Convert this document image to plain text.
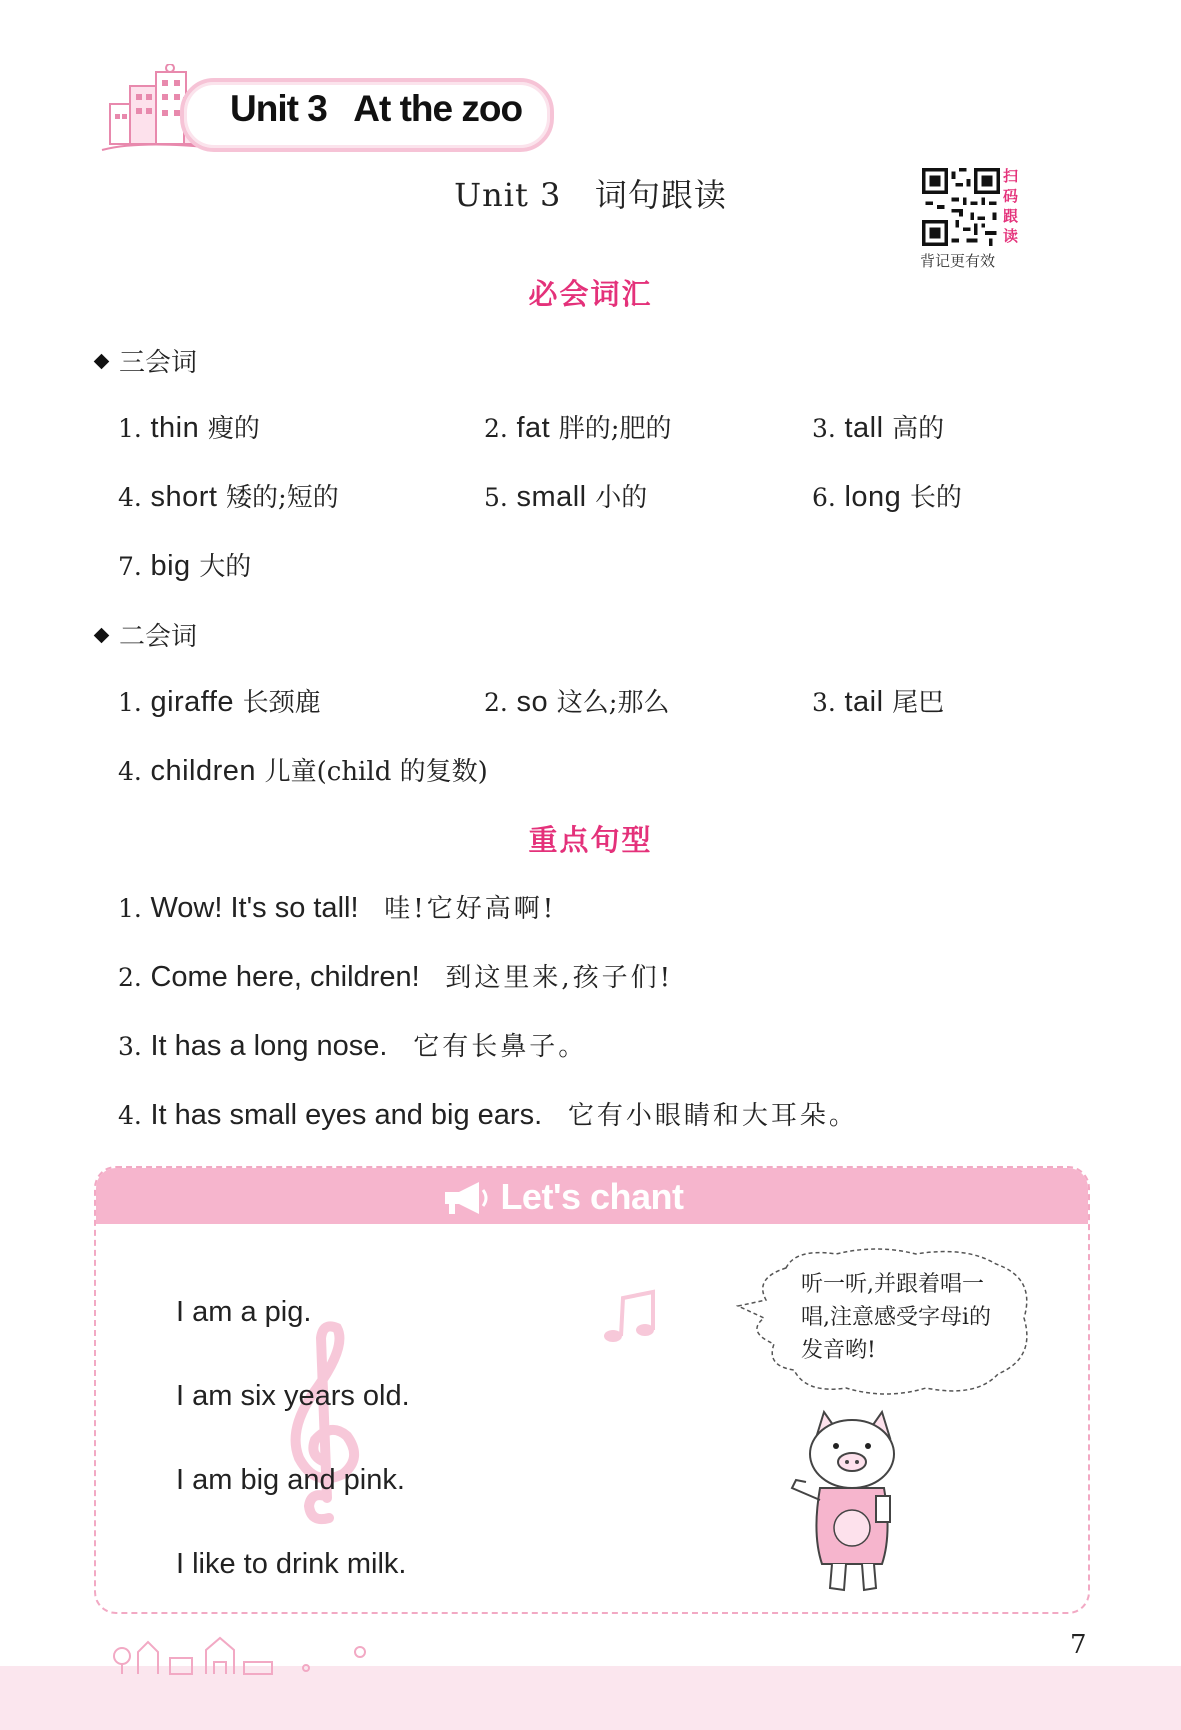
Unit 3   At the zoo
Unit 3   词句跟读	扫
码
跟
读
背记更有效
必会词汇
三会词
1. thin 瘦的	2. fat 胖的;肥的	3. tall 高的
4. short 矮的;短的	5. small 小的	6. long 长的
7. big 大的
二会词
1. giraffe 长颈鹿	2. so 这么;那么	3. tail 尾巴
4. children 儿童(child 的复数)
重点句型
1. Wow! It's so tall! 哇!它好高啊!
2. Come here, children! 到这里来,孩子们!
3. It has a long nose. 它有长鼻子。
4. It has small eyes and big ears. 它有小眼睛和大耳朵。
Let's chant
I am a pig.
I am six years old.
I am big and pink.
I like to drink milk.
听一听,并跟着唱一唱,注意感受字母i的发音哟!
7
